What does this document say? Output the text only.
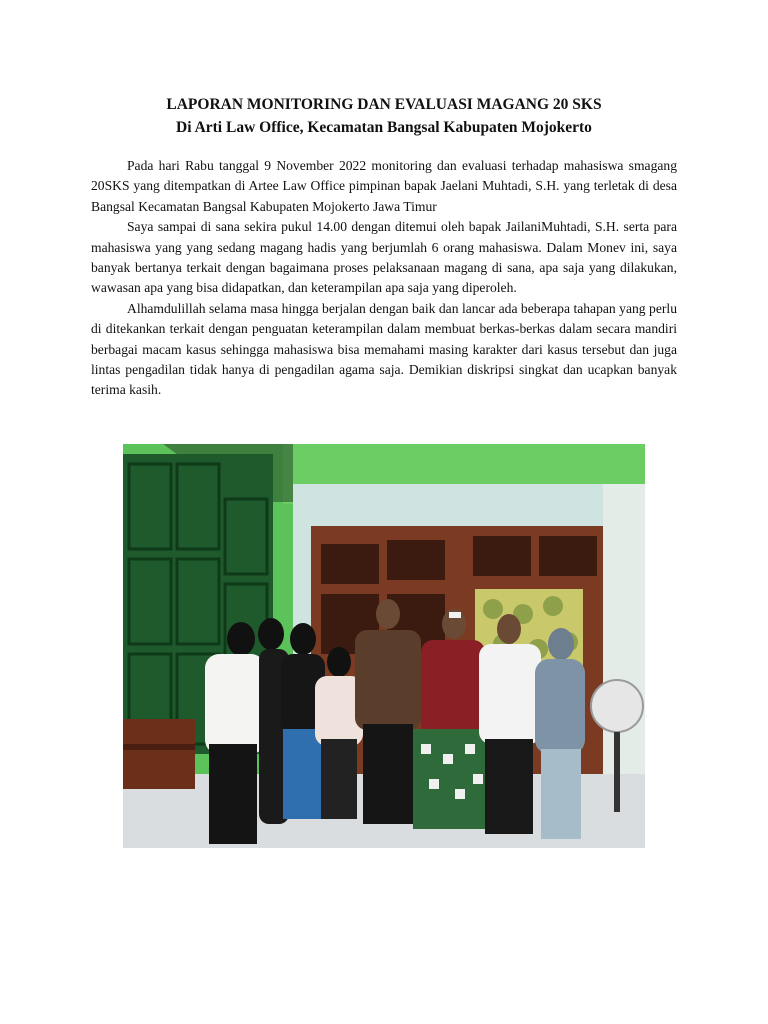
LAPORAN MONITORING DAN EVALUASI MAGANG 20 SKS
Di Arti Law Office, Kecamatan Bangsal Kabupaten Mojokerto

Pada hari Rabu tanggal 9 November 2022 monitoring dan evaluasi terhadap mahasiswa smagang 20SKS yang ditempatkan di Artee Law Office pimpinan bapak Jaelani Muhtadi, S.H. yang terletak di desa Bangsal Kecamatan Bangsal Kabupaten Mojokerto Jawa Timur

Saya sampai di sana sekira pukul 14.00 dengan ditemui oleh bapak JailaniMuhtadi, S.H. serta para mahasiswa yang yang sedang magang hadis yang berjumlah 6 orang mahasiswa. Dalam Monev ini, saya banyak bertanya terkait dengan bagaimana proses pelaksanaan magang di sana, apa saja yang dilakukan, wawasan apa yang bisa didapatkan, dan keterampilan apa saja yang diperoleh.

Alhamdulillah selama masa hingga berjalan dengan baik dan lancar ada beberapa tahapan yang perlu di ditekankan terkait dengan penguatan keterampilan dalam membuat berkas-berkas dalam secara mandiri berbagai macam kasus sehingga mahasiswa bisa memahami masing karakter dari kasus tersebut dan juga lintas pengadilan tidak hanya di pengadilan agama saja. Demikian diskripsi singkat dan ucapkan banyak terima kasih.
